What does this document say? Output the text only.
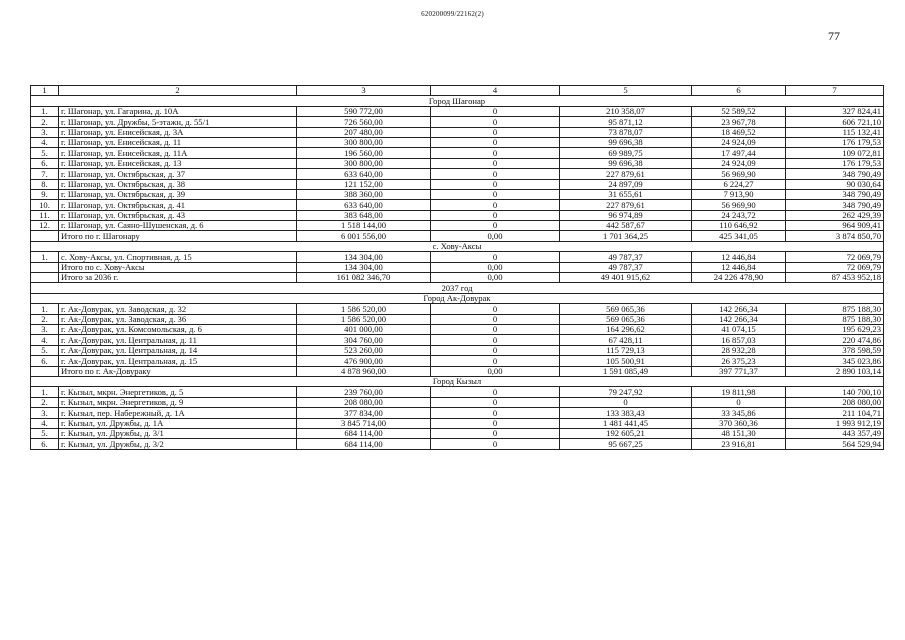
620200099/22162(2)
77
1	2	3	4	5	6	7
Город Шагонар						
1.	г. Шагонар, ул. Гагарина, д. 10А	590 772,00	0	210 358,07	52 589,52	327 824,41
2.	г. Шагонар, ул. Дружбы, 5-этажн, д. 55/1	726 560,00	0	95 871,12	23 967,78	606 721,10
3.	г. Шагонар, ул. Енисейская, д. 3А	207 480,00	0	73 878,07	18 469,52	115 132,41
4.	г. Шагонар, ул. Енисейская, д. 11	300 800,00	0	99 696,38	24 924,09	176 179,53
5.	г. Шагонар, ул. Енисейская, д. 11А	196 560,00	0	69 989,75	17 497,44	109 072,81
6.	г. Шагонар, ул. Енисейская, д. 13	300 800,00	0	99 696,38	24 924,09	176 179,53
7.	г. Шагонар, ул. Октябрьская, д. 37	633 640,00	0	227 879,61	56 969,90	348 790,49
8.	г. Шагонар, ул. Октябрьская, д. 38	121 152,00	0	24 897,09	6 224,27	90 030,64
9.	г. Шагонар, ул. Октябрьская, д. 39	388 360,00	0	31 655,61	7 913,90	348 790,49
10.	г. Шагонар, ул. Октябрьская, д. 41	633 640,00	0	227 879,61	56 969,90	348 790,49
11.	г. Шагонар, ул. Октябрьская, д. 43	383 648,00	0	96 974,89	24 243,72	262 429,39
12.	г. Шагонар, ул. Саяно-Шушенская, д. 6	1 518 144,00	0	442 587,67	110 646,92	964 909,41
	Итого по г. Шагонару	6 001 556,00	0,00	1 701 364,25	425 341,05	3 874 850,70
с. Хову-Аксы						
1.	с. Хову-Аксы, ул. Спортивная, д. 15	134 304,00	0	49 787,37	12 446,84	72 069,79
	Итого по с. Хову-Аксы	134 304,00	0,00	49 787,37	12 446,84	72 069,79
	Итого за 2036 г.	161 082 346,70	0,00	49 401 915,62	24 226 478,90	87 453 952,18
2037 год						
Город Ак-Довурак						
1.	г. Ак-Довурак, ул. Заводская, д. 32	1 586 520,00	0	569 065,36	142 266,34	875 188,30
2.	г. Ак-Довурак, ул. Заводская, д. 36	1 586 520,00	0	569 065,36	142 266,34	875 188,30
3.	г. Ак-Довурак, ул. Комсомольская, д. 6	401 000,00	0	164 296,62	41 074,15	195 629,23
4.	г. Ак-Довурак, ул. Центральная, д. 11	304 760,00	0	67 428,11	16 857,03	220 474,86
5.	г. Ак-Довурак, ул. Центральная, д. 14	523 260,00	0	115 729,13	28 932,28	378 598,59
6.	г. Ак-Довурак, ул. Центральная, д. 15	476 900,00	0	105 500,91	26 375,23	345 023,86
	Итого по г. Ак-Довураку	4 878 960,00	0,00	1 591 085,49	397 771,37	2 890 103,14
Город Кызыл						
1.	г. Кызыл, мкрн. Энергетиков, д. 5	239 760,00	0	79 247,92	19 811,98	140 700,10
2.	г. Кызыл, мкрн. Энергетиков, д. 9	208 080,00	0	0	0	208 080,00
3.	г. Кызыл, пер. Набережный, д. 1А	377 834,00	0	133 383,43	33 345,86	211 104,71
4.	г. Кызыл, ул. Дружбы, д. 1А	3 845 714,00	0	1 481 441,45	370 360,36	1 993 912,19
5.	г. Кызыл, ул. Дружбы, д. 3/1	684 114,00	0	192 605,21	48 151,30	443 357,49
6.	г. Кызыл, ул. Дружбы, д. 3/2	684 114,00	0	95 667,25	23 916,81	564 529,94
